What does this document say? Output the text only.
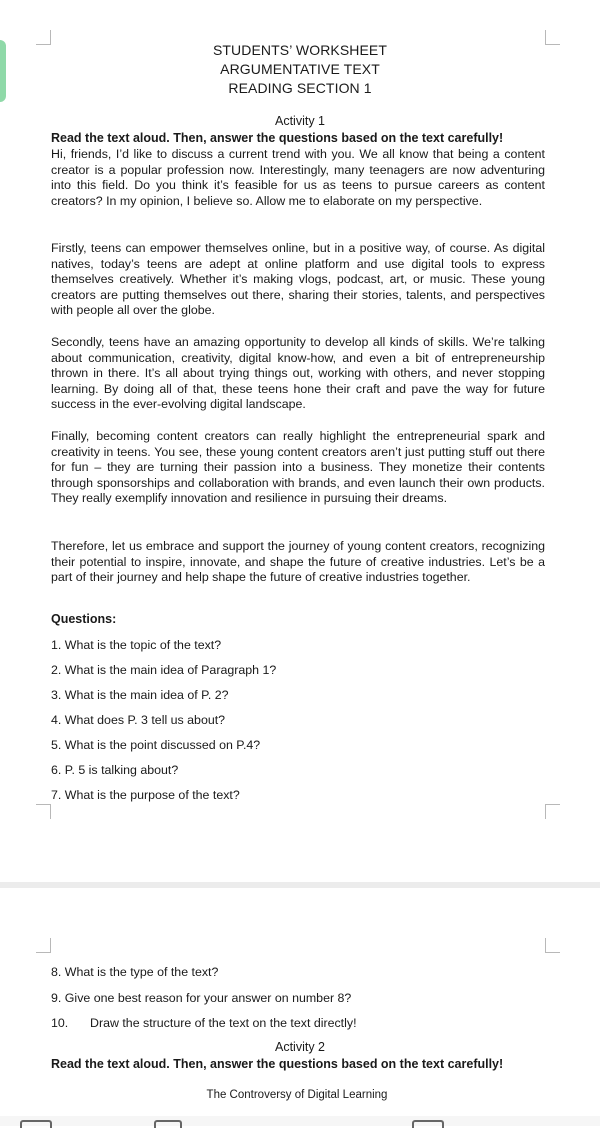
STUDENTS’ WORKSHEET
ARGUMENTATIVE TEXT
READING SECTION 1
Activity 1
Read the text aloud. Then, answer the questions based on the text carefully!

Hi, friends, I’d like to discuss a current trend with you. We all know that being a content creator is a popular profession now. Interestingly, many teenagers are now adventuring into this field. Do you think it’s feasible for us as teens to pursue careers as content creators? In my opinion, I believe so. Allow me to elaborate on my perspective.

Firstly, teens can empower themselves online, but in a positive way, of course. As digital natives, today’s teens are adept at online platform and use digital tools to express themselves creatively. Whether it’s making vlogs, podcast, art, or music. These young creators are putting themselves out there, sharing their stories, talents, and perspectives with people all over the globe.

Secondly, teens have an amazing opportunity to develop all kinds of skills. We’re talking about communication, creativity, digital know-how, and even a bit of entrepreneurship thrown in there. It’s all about trying things out, working with others, and never stopping learning. By doing all of that, these teens hone their craft and pave the way for future success in the ever-evolving digital landscape.

Finally, becoming content creators can really highlight the entrepreneurial spark and creativity in teens. You see, these young content creators aren’t just putting stuff out there for fun – they are turning their passion into a business. They monetize their contents through sponsorships and collaboration with brands, and even launch their own products. They really exemplify innovation and resilience in pursuing their dreams.

Therefore, let us embrace and support the journey of young content creators, recognizing their potential to inspire, innovate, and shape the future of creative industries. Let’s be a part of their journey and help shape the future of creative industries together.

Questions:
1. What is the topic of the text?
2. What is the main idea of Paragraph 1?
3. What is the main idea of P. 2?
4. What does P. 3 tell us about?
5. What is the point discussed on P.4?
6. P. 5 is talking about?
7. What is the purpose of the text?
8. What is the type of the text?
9. Give one best reason for your answer on number 8?
10. Draw the structure of the text on the text directly!
Activity 2
Read the text aloud. Then, answer the questions based on the text carefully!
The Controversy of Digital Learning
